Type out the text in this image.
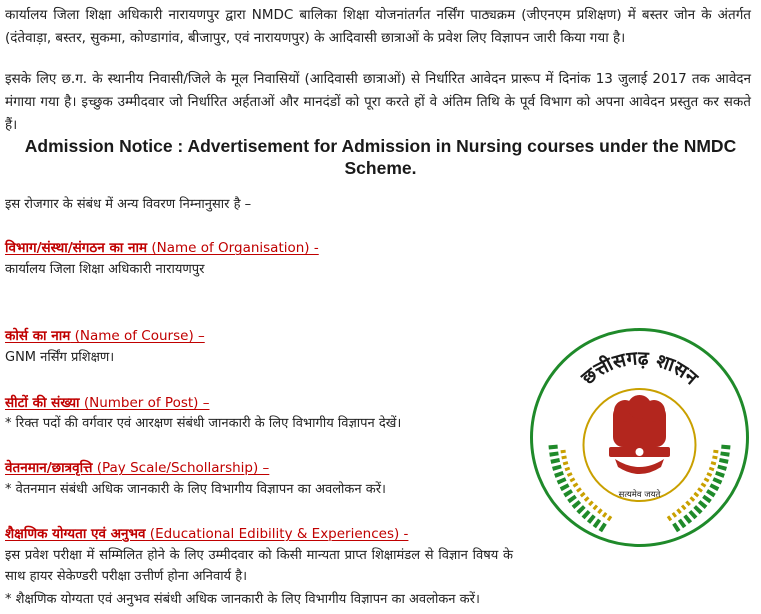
कार्यालय जिला शिक्षा अधिकारी नारायणपुर द्वारा NMDC बालिका शिक्षा योजनांतर्गत नर्सिंग पाठ्यक्रम (जीएनएम प्रशिक्षण) में बस्तर जोन के अंतर्गत (दंतेवाड़ा, बस्तर, सुकमा, कोण्डागांव, बीजापुर, एवं नारायणपुर) के आदिवासी छात्राओं के प्रवेश लिए विज्ञापन जारी किया गया है।

इसके लिए छ.ग. के स्थानीय निवासी/जिले के मूल निवासियों (आदिवासी छात्राओं) से निर्धारित आवेदन प्रारूप में दिनांक 13 जुलाई 2017 तक आवेदन मंगाया गया है। इच्छुक उम्मीदवार जो निर्धारित अर्हताओं और मानदंडों को पूरा करते हों वे अंतिम तिथि के पूर्व विभाग को अपना आवेदन प्रस्तुत कर सकते हैं।

Admission Notice : Advertisement for Admission in Nursing courses under the NMDC Scheme.

इस रोजगार के संबंध में अन्य विवरण निम्नानुसार है –

विभाग/संस्था/संगठन का नाम (Name of Organisation) -

कार्यालय जिला शिक्षा अधिकारी नारायणपुर

कोर्स का नाम (Name of Course) –

GNM नर्सिंग प्रशिक्षण।

सीटों की संख्या (Number of Post) –

* रिक्त पदों की वर्गवार एवं आरक्षण संबंधी जानकारी के लिए विभागीय विज्ञापन देखें।

वेतनमान/छात्रवृत्ति (Pay Scale/Schollarship) –

* वेतनमान संबंधी अधिक जानकारी के लिए विभागीय विज्ञापन का अवलोकन करें।

शैक्षणिक योग्यता एवं अनुभव (Educational Edibility & Experiences) -

इस प्रवेश परीक्षा में सम्मिलित होने के लिए उम्मीदवार को किसी मान्यता प्राप्त शिक्षामंडल से विज्ञान विषय के साथ हायर सेकेण्डरी परीक्षा उत्तीर्ण होना अनिवार्य है।

* शैक्षणिक योग्यता एवं अनुभव संबंधी अधिक जानकारी के लिए विभागीय विज्ञापन का अवलोकन करें।

छत्तीसगढ़ शासन
सत्यमेव जयते
